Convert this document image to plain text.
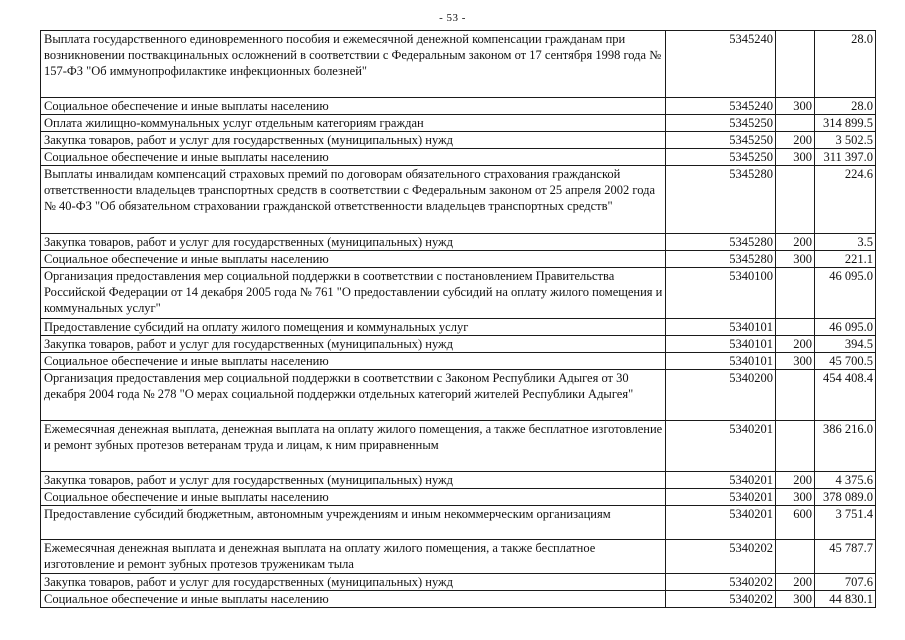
- 53 -
Выплата государственного единовременного пособия и ежемесячной денежной компенсации гражданам при возникновении поствакцинальных осложнений в соответствии с Федеральным законом от 17 сентября 1998 года № 157-ФЗ "Об иммунопрофилактике инфекционных болезней"	5345240		28.0
Социальное обеспечение и иные выплаты населению	5345240	300	28.0
Оплата жилищно-коммунальных услуг отдельным категориям граждан	5345250		314 899.5
Закупка товаров, работ и услуг для государственных (муниципальных) нужд	5345250	200	3 502.5
Социальное обеспечение и иные выплаты населению	5345250	300	311 397.0
Выплаты инвалидам компенсаций страховых премий по договорам обязательного страхования гражданской ответственности владельцев транспортных средств в соответствии с Федеральным законом от 25 апреля 2002 года № 40-ФЗ "Об обязательном страховании гражданской ответственности владельцев транспортных средств"	5345280		224.6
Закупка товаров, работ и услуг для государственных (муниципальных) нужд	5345280	200	3.5
Социальное обеспечение и иные выплаты населению	5345280	300	221.1
Организация предоставления мер социальной поддержки в соответствии с постановлением Правительства Российской Федерации от 14 декабря 2005 года № 761 "О предоставлении субсидий на оплату жилого помещения и коммунальных услуг"	5340100		46 095.0
Предоставление субсидий на оплату жилого помещения и коммунальных услуг	5340101		46 095.0
Закупка товаров, работ и услуг для государственных (муниципальных) нужд	5340101	200	394.5
Социальное обеспечение и иные выплаты населению	5340101	300	45 700.5
Организация предоставления мер социальной поддержки в соответствии с Законом Республики Адыгея от 30 декабря 2004 года № 278 "О мерах социальной поддержки отдельных категорий жителей Республики Адыгея"	5340200		454 408.4
Ежемесячная денежная выплата, денежная выплата на оплату жилого помещения, а также бесплатное изготовление и ремонт зубных протезов ветеранам труда и лицам, к ним приравненным	5340201		386 216.0
Закупка товаров, работ и услуг для государственных (муниципальных) нужд	5340201	200	4 375.6
Социальное обеспечение и иные выплаты населению	5340201	300	378 089.0
Предоставление субсидий бюджетным, автономным учреждениям и иным некоммерческим организациям	5340201	600	3 751.4
Ежемесячная денежная выплата и денежная выплата на оплату жилого помещения, а также бесплатное изготовление и ремонт зубных протезов труженикам тыла	5340202		45 787.7
Закупка товаров, работ и услуг для государственных (муниципальных) нужд	5340202	200	707.6
Социальное обеспечение и иные выплаты населению	5340202	300	44 830.1
